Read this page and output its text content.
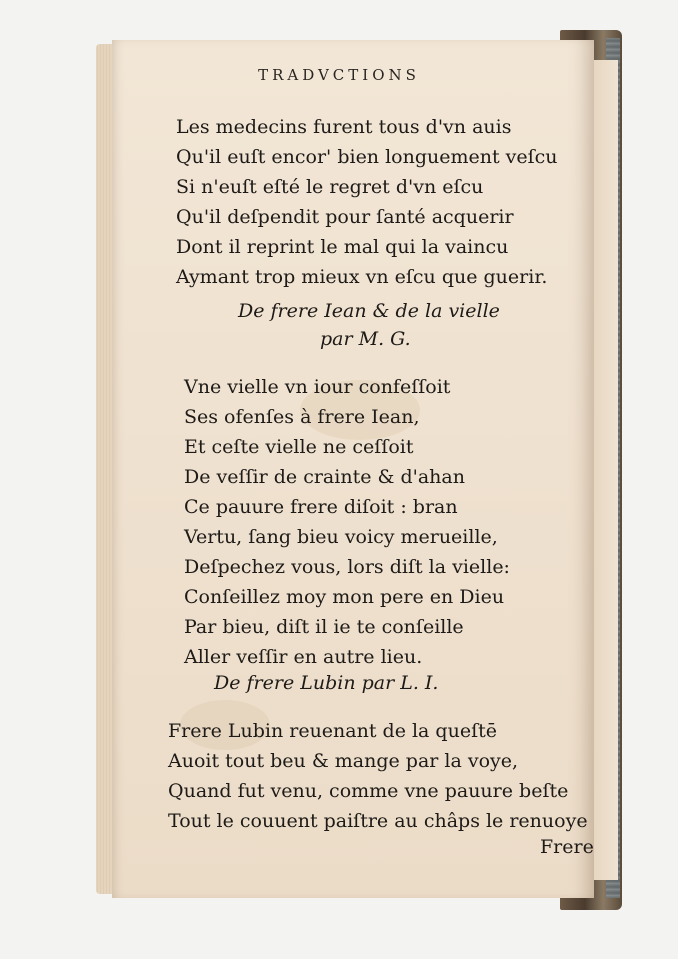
TRADVCTIONS
Les medecins furent tous d'vn auis
Qu'il euſt encor' bien longuement veſcu
Si n'euſt eſté le regret d'vn eſcu
Qu'il deſpendit pour ſanté acquerir
Dont il reprint le mal qui la vaincu
Aymant trop mieux vn eſcu que guerir.
De frere Iean & de la vielle
par M. G.
Vne vielle vn iour confeſſoit
Ses ofenſes à frere Iean,
Et ceſte vielle ne ceſſoit
De veſſir de crainte & d'ahan
Ce pauure frere diſoit : bran
Vertu, ſang bieu voicy merueille,
Deſpechez vous, lors diſt la vielle:
Conſeillez moy mon pere en Dieu
Par bieu, diſt il ie te conſeille
Aller veſſir en autre lieu.
De frere Lubin par L. I.
Frere Lubin reuenant de la queſtē
Auoit tout beu & mange par la voye,
Quand fut venu, comme vne pauure beſte
Tout le couuent paiſtre au châps le renuoye
Frere
